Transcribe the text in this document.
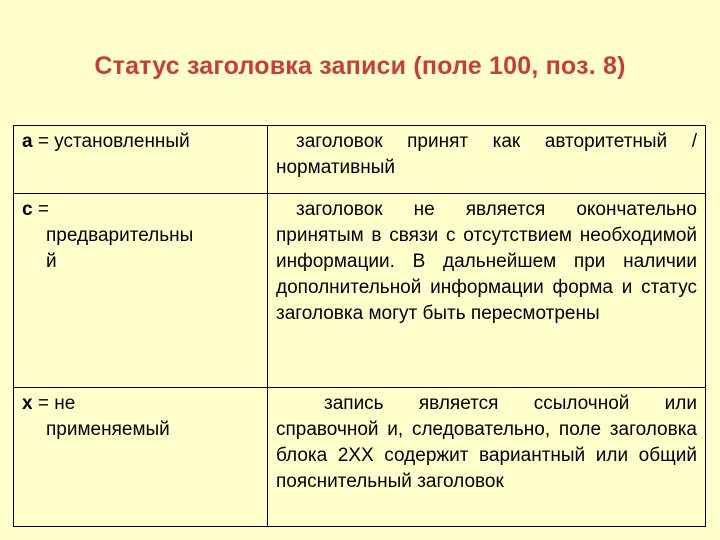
Статус заголовка записи (поле 100, поз. 8)
a = установленный	заголовок принят как авторитетный / нормативный

c =
предварительны й	заголовок не является окончательно принятым в связи с отсутствием необходимой информации. В дальнейшем при наличии дополнительной информации форма и статус заголовка могут быть пересмотрены

x = не
применяемый	запись является ссылочной или справочной и, следовательно, поле заголовка блока 2XX содержит вариантный или общий пояснительный заголовок
